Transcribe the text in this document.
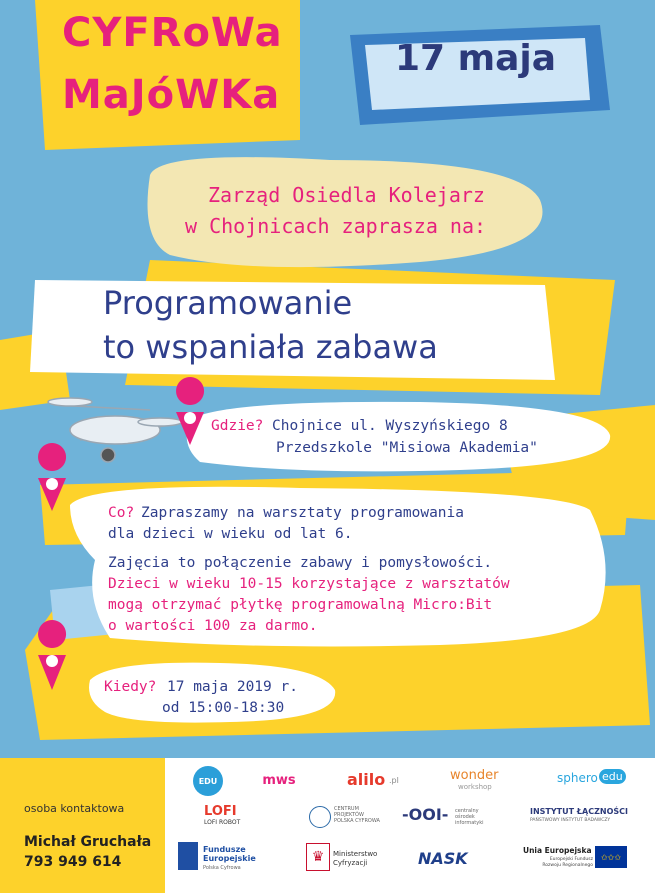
CYFRoWa
MaJóWKa
17 maja
Zarząd Osiedla Kolejarz
w Chojnicach zaprasza na:
Programowanie
to wspaniała zabawa
Gdzie? Chojnice ul. Wyszyńskiego 8
Przedszkole "Misiowa Akademia"
Co? Zapraszamy na warsztaty programowania
dla dzieci w wieku od lat 6.
Zajęcia to połączenie zabawy i pomysłowości.
Dzieci w wieku 10-15 korzystające z warsztatów
mogą otrzymać płytkę programowalną Micro:Bit
o wartości 100 za darmo.
Kiedy? 17 maja 2019 r.
od 15:00-18:30
osoba kontaktowa
Michał Gruchała
793 949 614
EDU	mws	alilo .pl	wonder
workshop
sphero edu
LOFI
LOFI ROBOT
CENTRUM PROJEKTÓW POLSKA CYFROWA -OOI- centralny ośrodek informatyki
INSTYTUT ŁĄCZNOŚCI
PAŃSTWOWY INSTYTUT BADAWCZY
Fundusze Europejskie
Polska Cyfrowa
♛ Ministerstwo Cyfryzacji	NASK	Unia Europejska
Europejski Fundusz Rozwoju Regionalnego
✩✩✩
